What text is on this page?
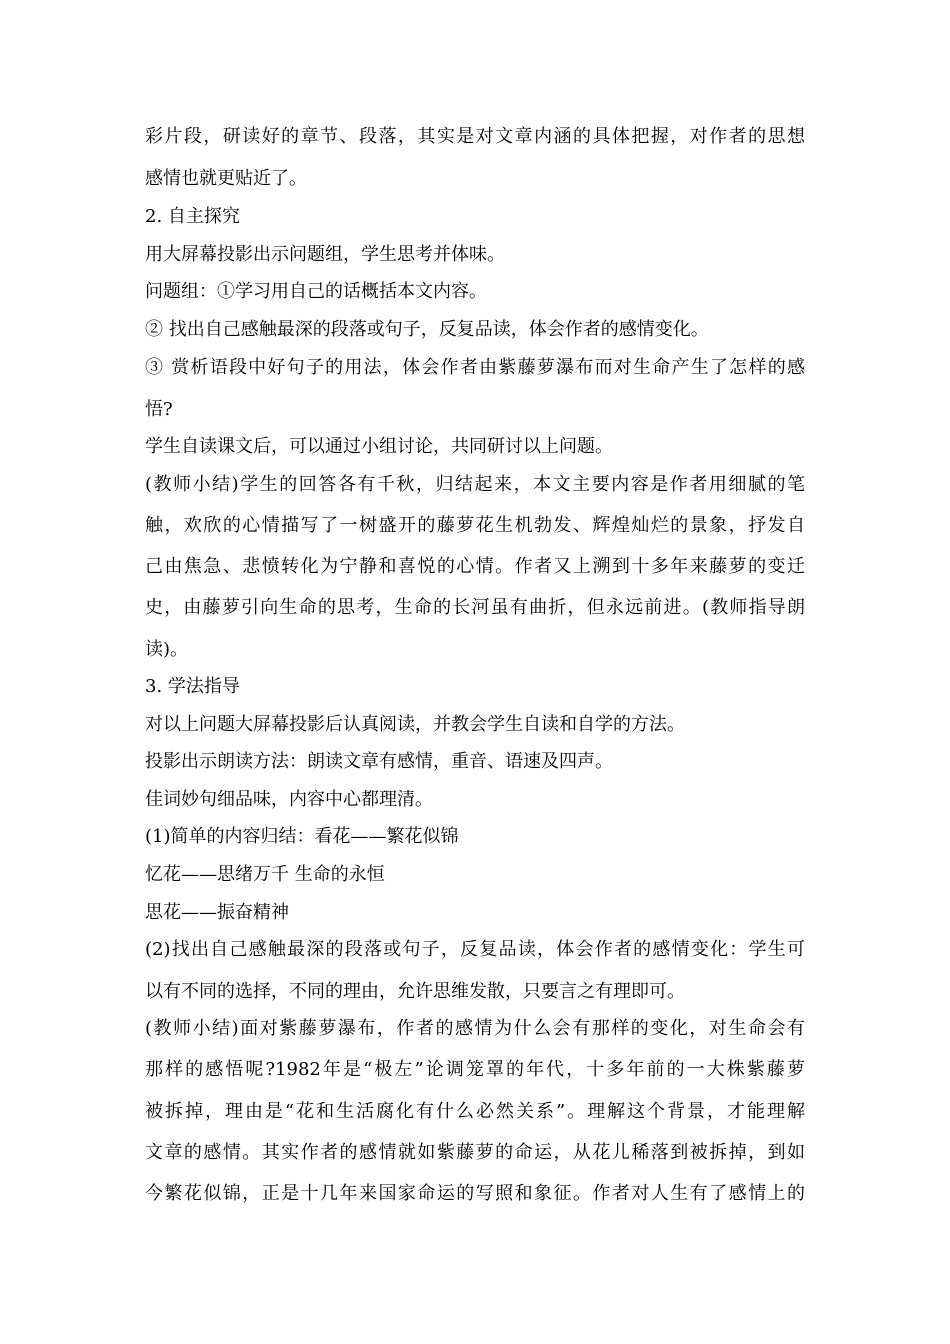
彩片段，研读好的章节、段落，其实是对文章内涵的具体把握，对作者的思想

感情也就更贴近了。

2. 自主探究

用大屏幕投影出示问题组，学生思考并体味。

问题组：①学习用自己的话概括本文内容。

② 找出自己感触最深的段落或句子，反复品读，体会作者的感情变化。

③ 赏析语段中好句子的用法，体会作者由紫藤萝瀑布而对生命产生了怎样的感

悟?

学生自读课文后，可以通过小组讨论，共同研讨以上问题。

(教师小结)学生的回答各有千秋，归结起来，本文主要内容是作者用细腻的笔

触，欢欣的心情描写了一树盛开的藤萝花生机勃发、辉煌灿烂的景象，抒发自

己由焦急、悲愤转化为宁静和喜悦的心情。作者又上溯到十多年来藤萝的变迁

史，由藤萝引向生命的思考，生命的长河虽有曲折，但永远前进。(教师指导朗

读)。

3. 学法指导

对以上问题大屏幕投影后认真阅读，并教会学生自读和自学的方法。

投影出示朗读方法：朗读文章有感情，重音、语速及四声。

佳词妙句细品味，内容中心都理清。

(1)简单的内容归结：看花——繁花似锦

忆花——思绪万千 生命的永恒

思花——振奋精神

(2)找出自己感触最深的段落或句子，反复品读，体会作者的感情变化：学生可

以有不同的选择，不同的理由，允许思维发散，只要言之有理即可。

(教师小结)面对紫藤萝瀑布，作者的感情为什么会有那样的变化，对生命会有

那样的感悟呢?1982年是“极左”论调笼罩的年代，十多年前的一大株紫藤萝

被拆掉，理由是“花和生活腐化有什么必然关系”。理解这个背景，才能理解

文章的感情。其实作者的感情就如紫藤萝的命运，从花儿稀落到被拆掉，到如

今繁花似锦，正是十几年来国家命运的写照和象征。作者对人生有了感情上的
